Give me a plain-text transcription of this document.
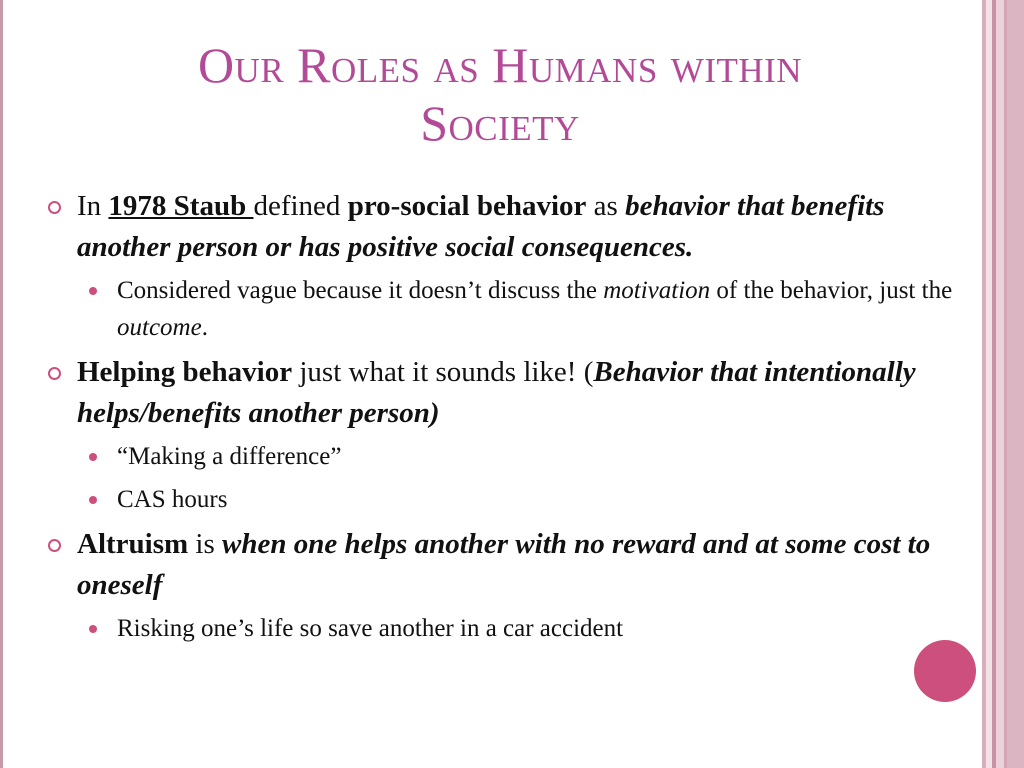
Our Roles as Humans within
Society
In 1978 Staub defined pro-social behavior as behavior that benefits another person or has positive social consequences.
Considered vague because it doesn’t discuss the motivation of the behavior, just the outcome.
Helping behavior just what it sounds like! (Behavior that intentionally helps/benefits another person)
“Making a difference”
CAS hours
Altruism is when one helps another with no reward and at some cost to oneself
Risking one’s life so save another in a car accident
